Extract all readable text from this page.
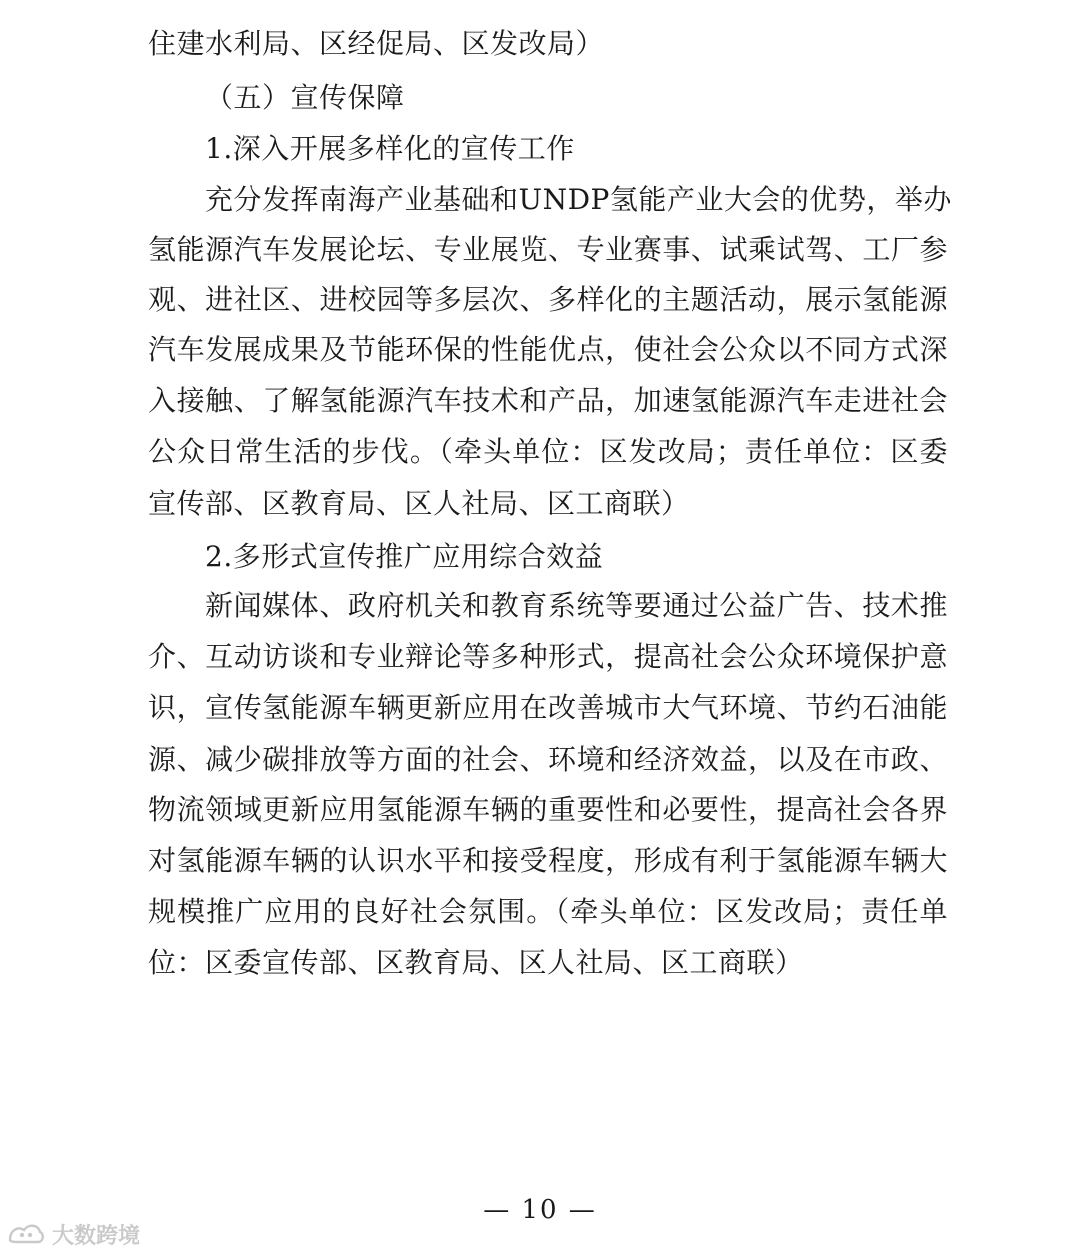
住建水利局、区经促局、区发改局）
（五）宣传保障
1.深入开展多样化的宣传工作
充分发挥南海产业基础和UNDP氢能产业大会的优势，举办
氢能源汽车发展论坛、专业展览、专业赛事、试乘试驾、工厂参
观、进社区、进校园等多层次、多样化的主题活动，展示氢能源
汽车发展成果及节能环保的性能优点，使社会公众以不同方式深
入接触、了解氢能源汽车技术和产品，加速氢能源汽车走进社会
公众日常生活的步伐。（牵头单位：区发改局；责任单位：区委
宣传部、区教育局、区人社局、区工商联）
2.多形式宣传推广应用综合效益
新闻媒体、政府机关和教育系统等要通过公益广告、技术推
介、互动访谈和专业辩论等多种形式，提高社会公众环境保护意
识，宣传氢能源车辆更新应用在改善城市大气环境、节约石油能
源、减少碳排放等方面的社会、环境和经济效益，以及在市政、
物流领域更新应用氢能源车辆的重要性和必要性，提高社会各界
对氢能源车辆的认识水平和接受程度，形成有利于氢能源车辆大
规模推广应用的良好社会氛围。（牵头单位：区发改局；责任单
位：区委宣传部、区教育局、区人社局、区工商联）
— 10 —
大数跨境
